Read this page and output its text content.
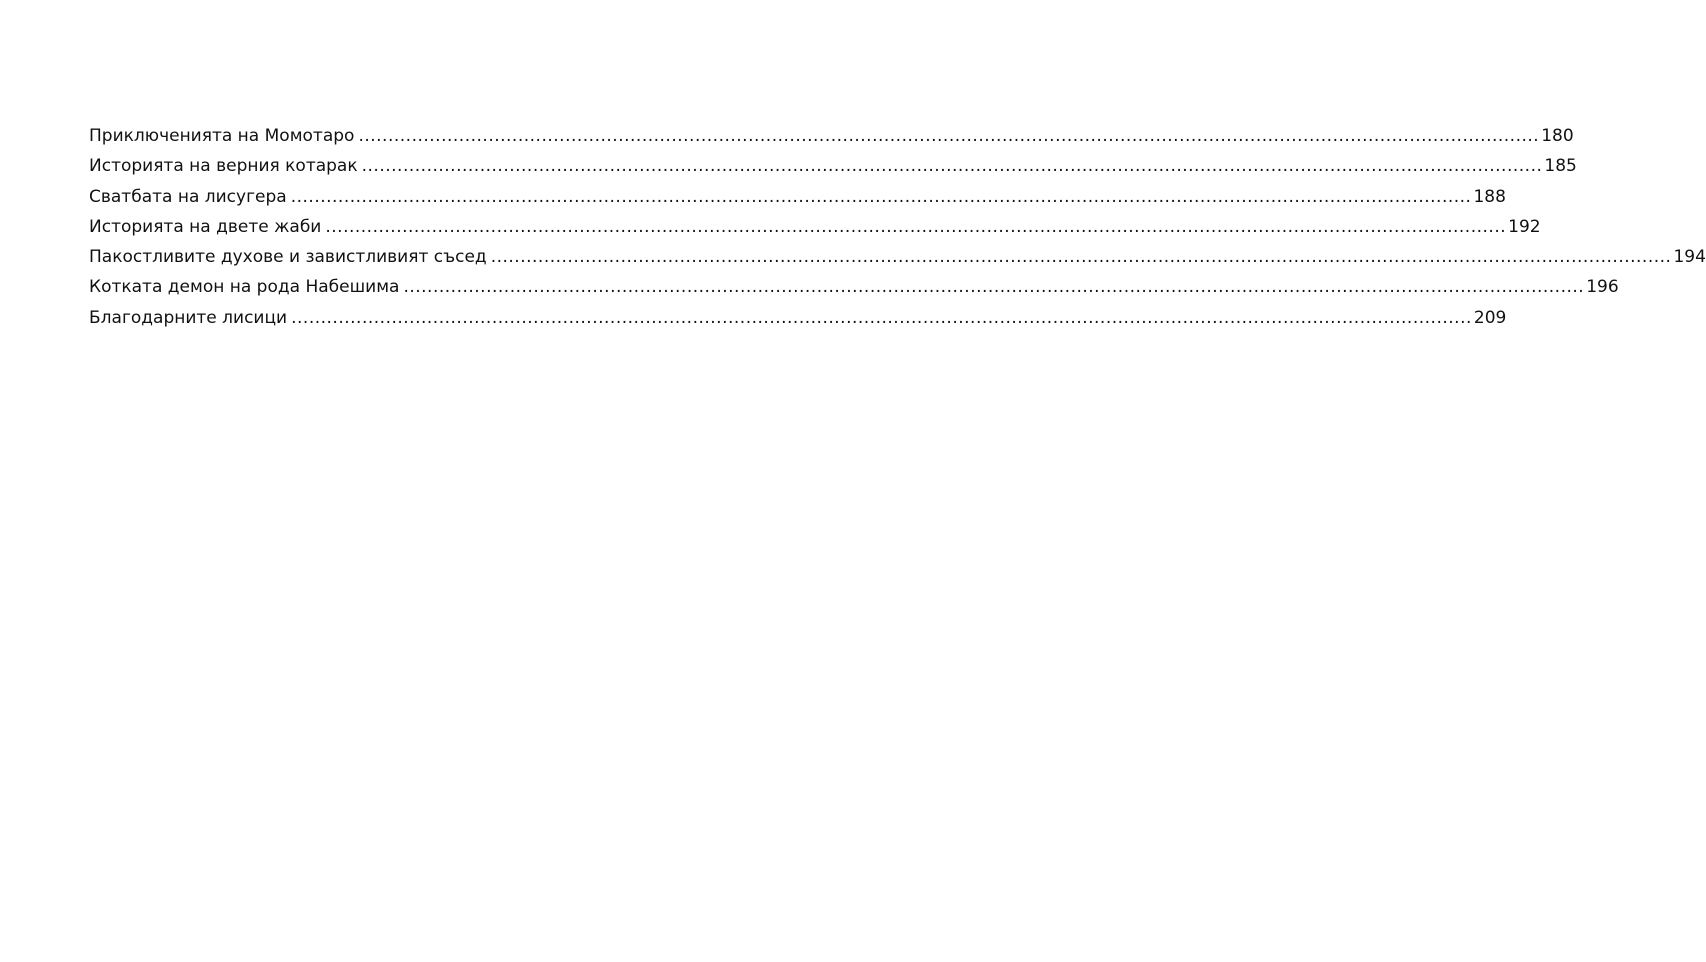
Приключенията на Момотаро ........................................................................................................................................................................................................ 180
Историята на верния котарак ........................................................................................................................................................................................................ 185
Сватбата на лисугера ........................................................................................................................................................................................................ 188
Историята на двете жаби ........................................................................................................................................................................................................ 192
Пакостливите духове и завистливият съсед ........................................................................................................................................................................................................ 194
Котката демон на рода Набешима ........................................................................................................................................................................................................ 196
Благодарните лисици ........................................................................................................................................................................................................ 209
